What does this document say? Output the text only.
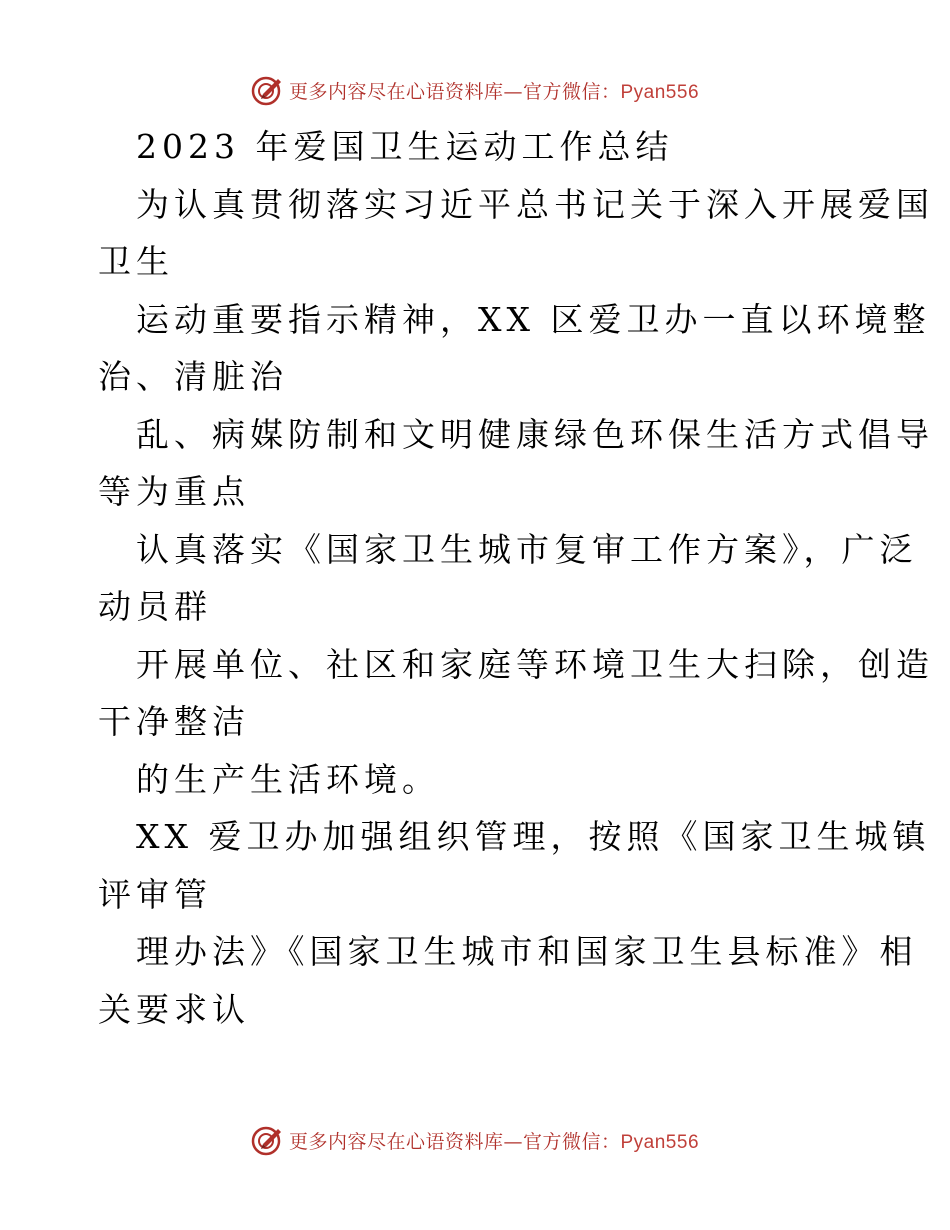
更多内容尽在心语资料库—官方微信：Pyan556
2023 年爱国卫生运动工作总结
为认真贯彻落实习近平总书记关于深入开展爱国
卫生
运动重要指示精神，XX 区爱卫办一直以环境整
治、清脏治
乱、病媒防制和文明健康绿色环保生活方式倡导
等为重点
认真落实《国家卫生城市复审工作方案》，广泛
动员群
开展单位、社区和家庭等环境卫生大扫除，创造
干净整洁
的生产生活环境。
XX 爱卫办加强组织管理，按照《国家卫生城镇
评审管
理办法》《国家卫生城市和国家卫生县标准》相
关要求认
更多内容尽在心语资料库—官方微信：Pyan556
